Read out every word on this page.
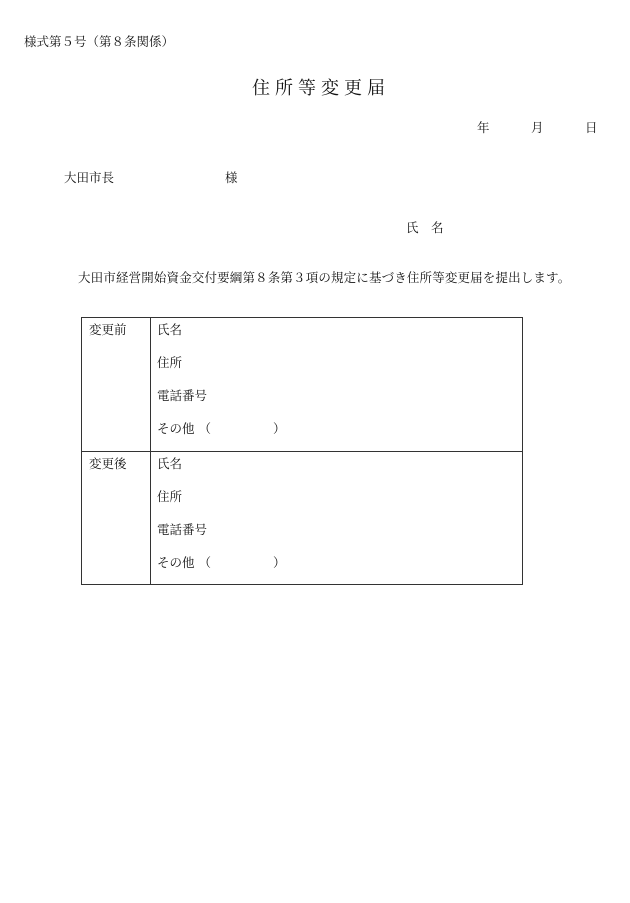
様式第５号（第８条関係）
住所等変更届
年	月	日
大田市長	様
氏　名
大田市経営開始資金交付要綱第８条第３項の規定に基づき住所等変更届を提出します。
変更前 氏名
住所
電話番号
その他 （	）
変更後 氏名
住所
電話番号
その他 （	）
